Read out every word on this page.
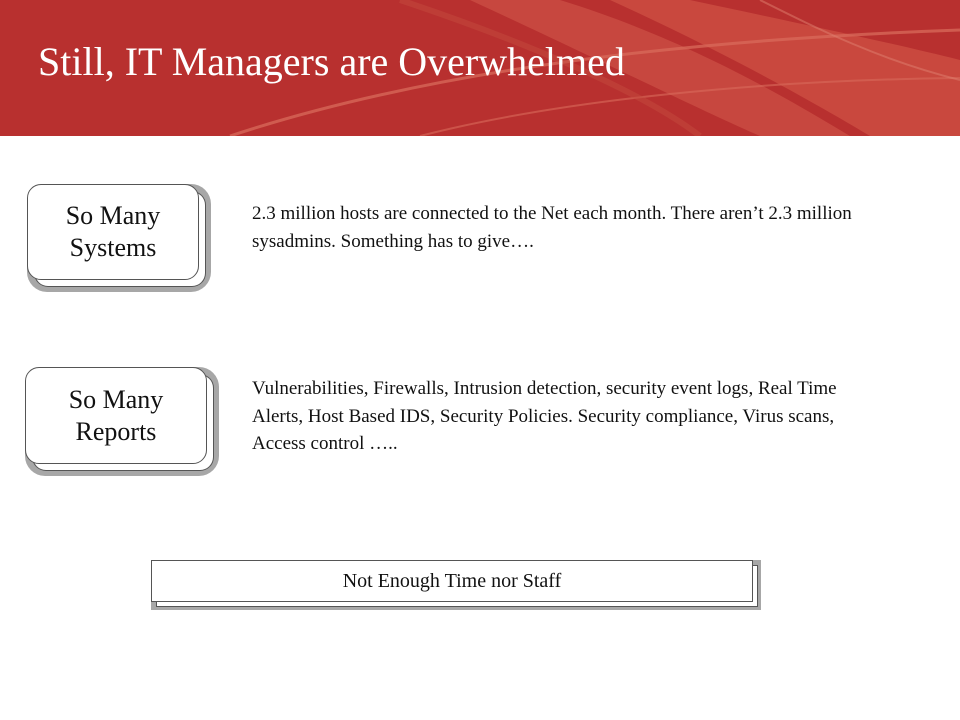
Still, IT Managers are Overwhelmed
So Many
Systems

2.3 million hosts are connected to the Net each month. There aren’t 2.3 million sysadmins. Something has to give….

So Many
Reports

Vulnerabilities, Firewalls, Intrusion detection, security event logs, Real Time Alerts, Host Based IDS, Security Policies. Security compliance, Virus scans, Access control …..

Not Enough Time nor Staff
